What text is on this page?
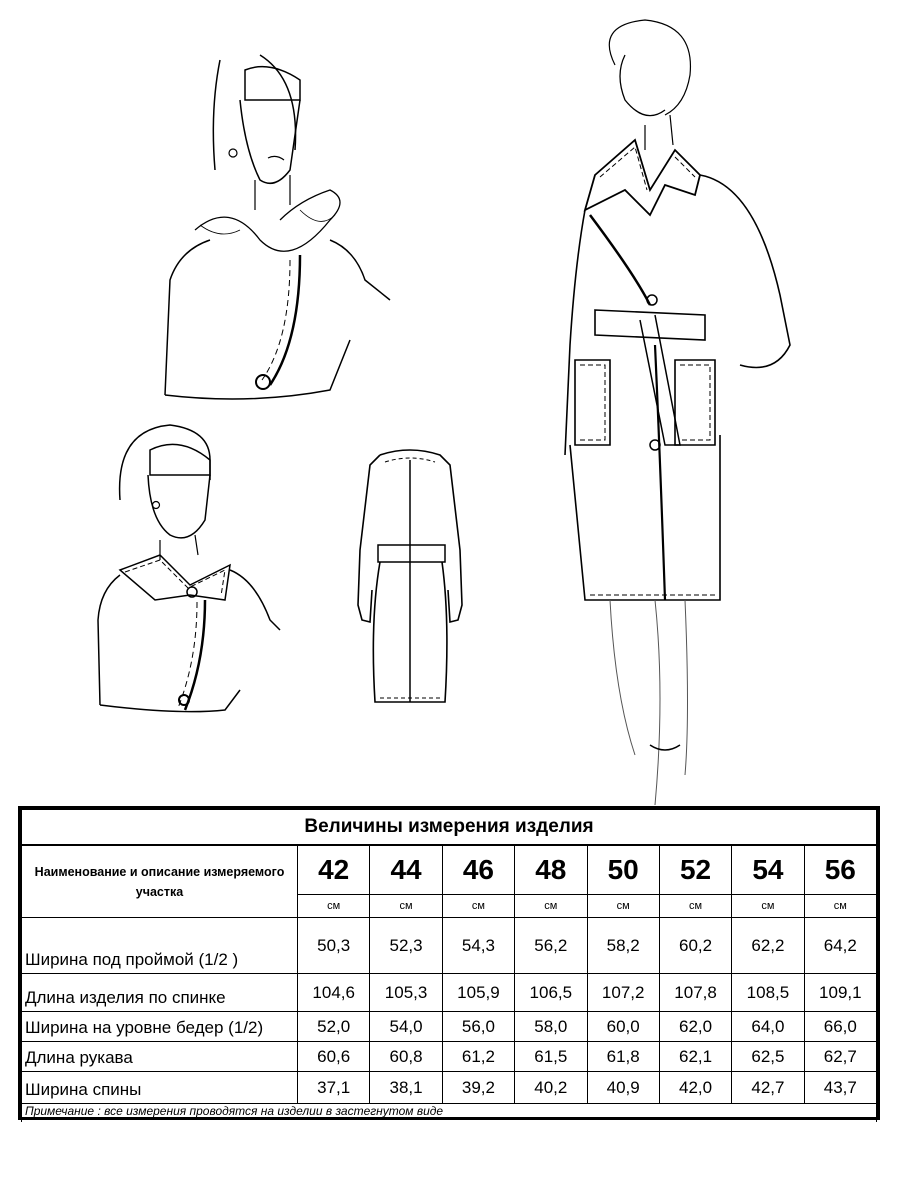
Величины измерения изделия								
Наименование и описание измеряемого участка	42	44	46	48	50	52	54	56
	см	см	см	см	см	см	см	см
Ширина под проймой (1/2 )	50,3	52,3	54,3	56,2	58,2	60,2	62,2	64,2
Длина изделия по спинке	104,6	105,3	105,9	106,5	107,2	107,8	108,5	109,1
Ширина на уровне бедер (1/2)	52,0	54,0	56,0	58,0	60,0	62,0	64,0	66,0
Длина рукава	60,6	60,8	61,2	61,5	61,8	62,1	62,5	62,7
Ширина спины	37,1	38,1	39,2	40,2	40,9	42,0	42,7	43,7
Примечание : все измерения проводятся на изделии в застегнутом виде								
